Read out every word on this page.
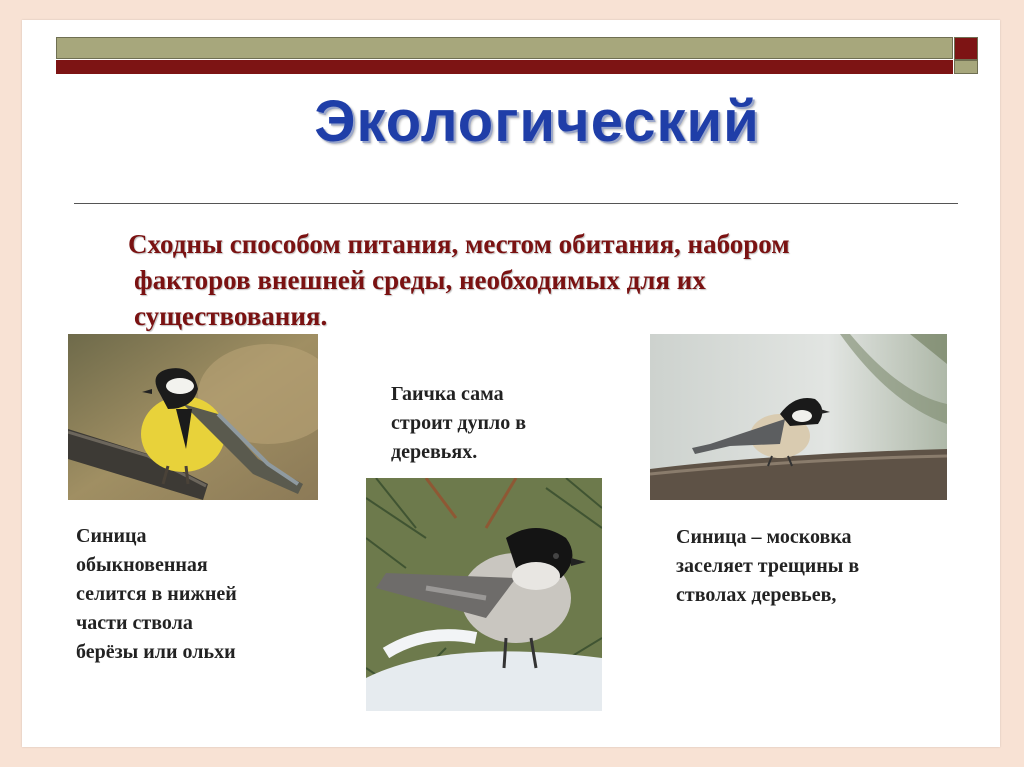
Экологический
Сходны способом питания, местом обитания, набором
факторов внешней среды, необходимых для их
существования.
Синица
обыкновенная
селится в нижней
части ствола
берёзы или ольхи
Гаичка сама
строит дупло в
деревьях.
Синица – московка
заселяет трещины в
стволах деревьев,
